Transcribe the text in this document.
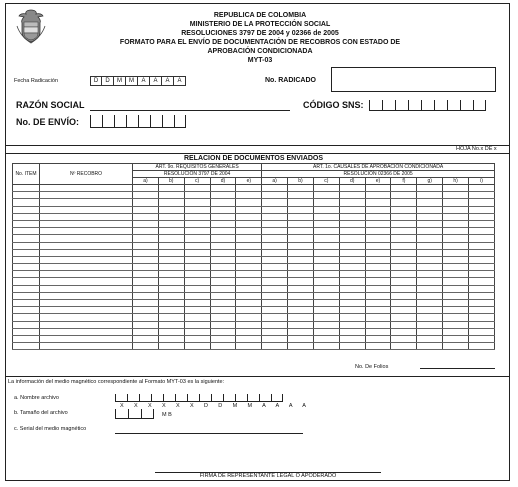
REPUBLICA DE COLOMBIA
MINISTERIO DE LA PROTECCIÓN SOCIAL
RESOLUCIONES 3797 DE 2004 y 02366 de 2005
FORMATO PARA EL ENVÍO DE DOCUMENTACIÓN DE RECOBROS CON ESTADO DE
APROBACIÓN CONDICIONADA
MYT-03
Fecha Radicación	D	D	M	M	A	A	A	A	No. RADICADO
RAZÓN SOCIAL	CÓDIGO SNS:
No. DE ENVÍO:
HOJA No.x DE x
RELACION DE DOCUMENTOS ENVIADOS
No. ITEM	Nº RECOBRO	ART. 9o. REQUISITOS GENERALES					ART. 1o. CAUSALES DE APROBACIÓN CONDICIONADA								
		RESOLUCIÓN 3797 DE 2004					RESOLUCIÓN 02366 DE 2005								
		a)	b)	c)	d)	e)	a)	b)	c)	d)	e)	f)	g)	h)	i)

No. De Folios
La información del medio magnético correspondiente al Formato MYT-03 es la siguiente:
a. Nombre archivo
X X X X X X D D M M A A A A
b. Tamaño del archivo	M B
c. Serial del medio magnético
FIRMA DE REPRESENTANTE LEGAL O APODERADO
